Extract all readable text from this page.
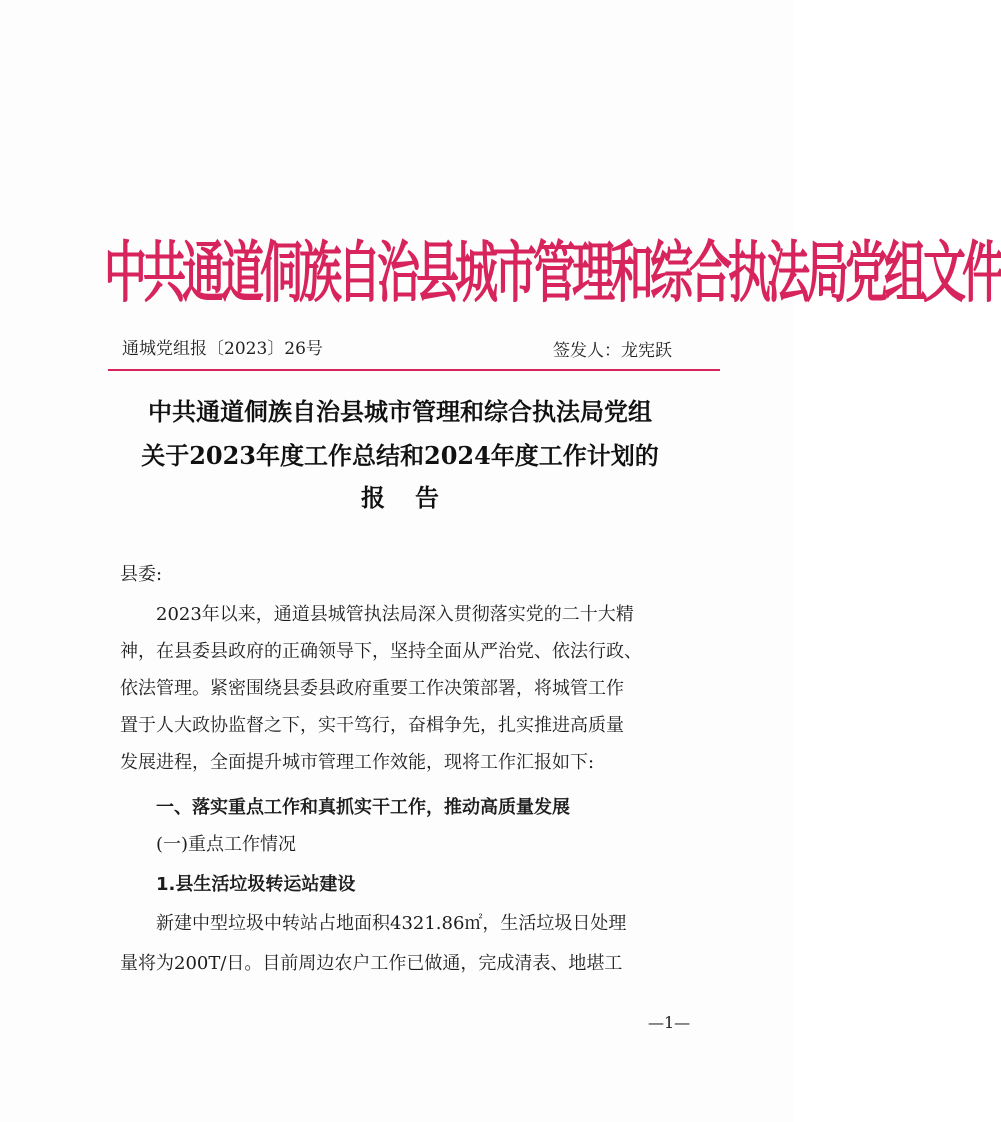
中共通道侗族自治县城市管理和综合执法局党组文件
通城党组报〔2023〕26号	签发人：龙宪跃
中共通道侗族自治县城市管理和综合执法局党组
关于2023年度工作总结和2024年度工作计划的
报告
县委:
2023年以来，通道县城管执法局深入贯彻落实党的二十大精
神，在县委县政府的正确领导下，坚持全面从严治党、依法行政、
依法管理。紧密围绕县委县政府重要工作决策部署，将城管工作
置于人大政协监督之下，实干笃行，奋楫争先，扎实推进高质量
发展进程，全面提升城市管理工作效能，现将工作汇报如下:
一、落实重点工作和真抓实干工作，推动高质量发展
(一)重点工作情况
1.县生活垃圾转运站建设
新建中型垃圾中转站占地面积4321.86㎡，生活垃圾日处理
量将为200T/日。目前周边农户工作已做通，完成清表、地堪工
—1—
